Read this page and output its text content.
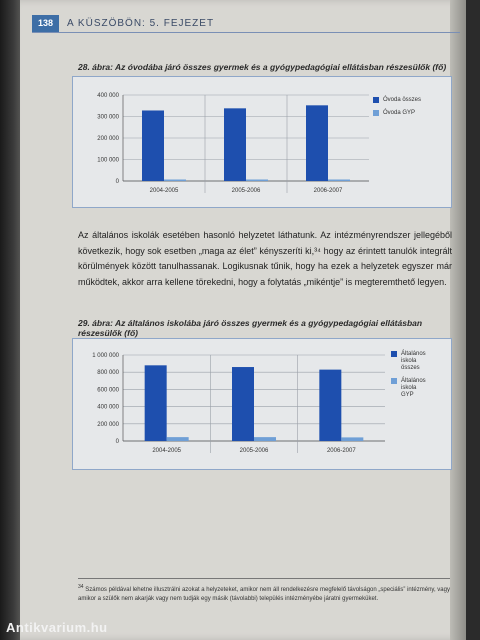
138	A KÜSZÖBÖN: 5. FEJEZET
28. ábra: Az óvodába járó összes gyermek és a gyógypedagógiai ellátásban részesülők (fő)
0
100 000
200 000
300 000
400 000
2004-2005	2005-2006	2006-2007
Óvoda összes
Óvoda GYP
Az általános iskolák esetében hasonló helyzetet láthatunk. Az intézményrendszer jellegéből következik, hogy sok esetben „maga az élet” kényszeríti ki,³⁴ hogy az érintett tanulók integrált körülmények között tanulhassanak. Logikusnak tűnik, hogy ha ezek a helyzetek egyszer már működtek, akkor arra kellene törekedni, hogy a folytatás „mikéntje” is megteremthető legyen.
29. ábra: Az általános iskolába járó összes gyermek és a gyógypedagógiai ellátásban részesülők (fő)
0
200 000
400 000
600 000
800 000
1 000 000
2004-2005	2005-2006	2006-2007
Általános
iskola
összes
Általános
iskola
GYP
$^{34}$ Számos példával lehetne illusztrálni azokat a helyzeteket, amikor nem áll rendelkezésre megfelelő távolságon „speciális” intézmény, vagy amikor a szülők nem akarják vagy nem tudják egy másik (távolabbi) település intézményébe járatni gyermeküket.
Antikvarium.hu
